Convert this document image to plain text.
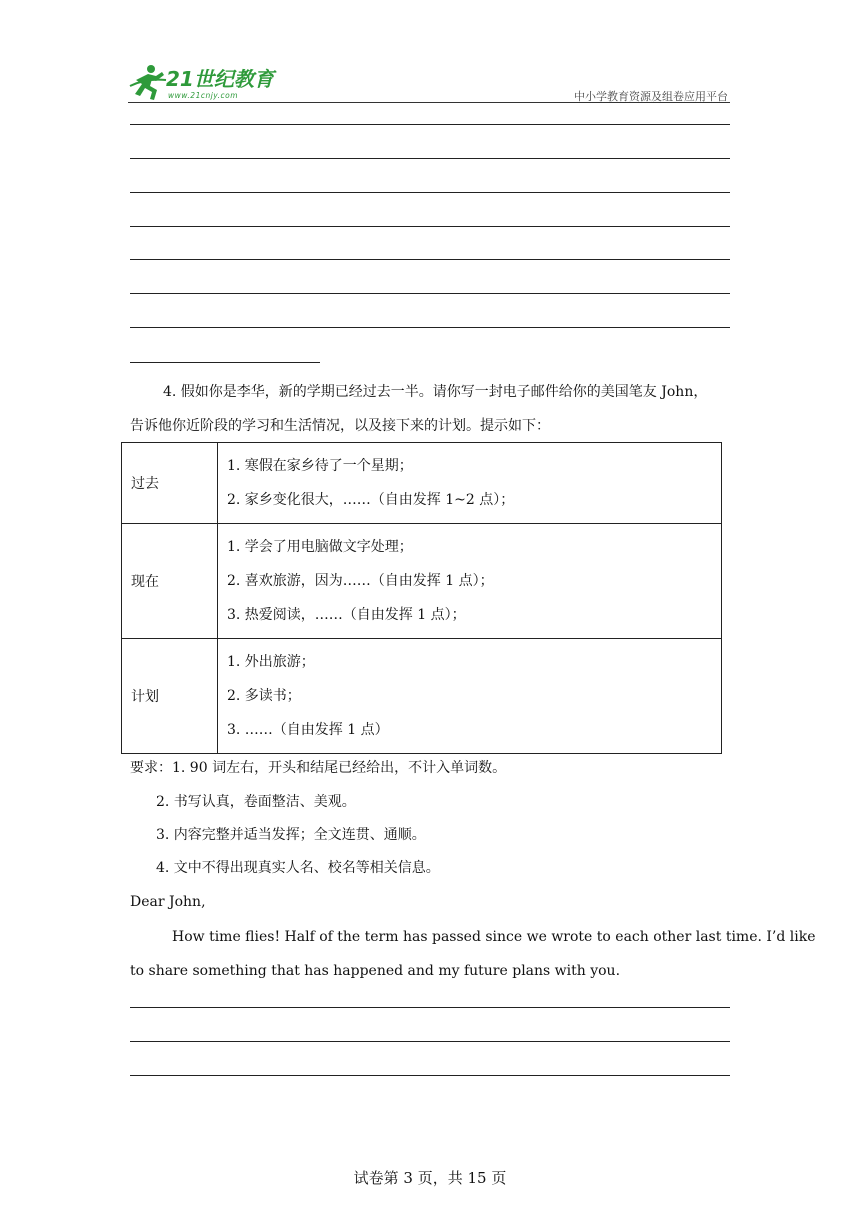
21世纪教育
www.21cnjy.com	中小学教育资源及组卷应用平台
4. 假如你是李华，新的学期已经过去一半。请你写一封电子邮件给你的美国笔友 John，
告诉他你近阶段的学习和生活情况，以及接下来的计划。提示如下：
过去	1. 寒假在家乡待了一个星期；
2. 家乡变化很大，……（自由发挥 1~2 点）；

现在	1. 学会了用电脑做文字处理；
2. 喜欢旅游，因为……（自由发挥 1 点）；
3. 热爱阅读，……（自由发挥 1 点）；

计划	1. 外出旅游；
2. 多读书；
3. ……（自由发挥 1 点）
要求：1. 90 词左右，开头和结尾已经给出，不计入单词数。
2. 书写认真，卷面整洁、美观。
3. 内容完整并适当发挥；全文连贯、通顺。
4. 文中不得出现真实人名、校名等相关信息。
Dear John,
How time flies! Half of the term has passed since we wrote to each other last time. I’d like
to share something that has happened and my future plans with you.
试卷第 3 页，共 15 页
